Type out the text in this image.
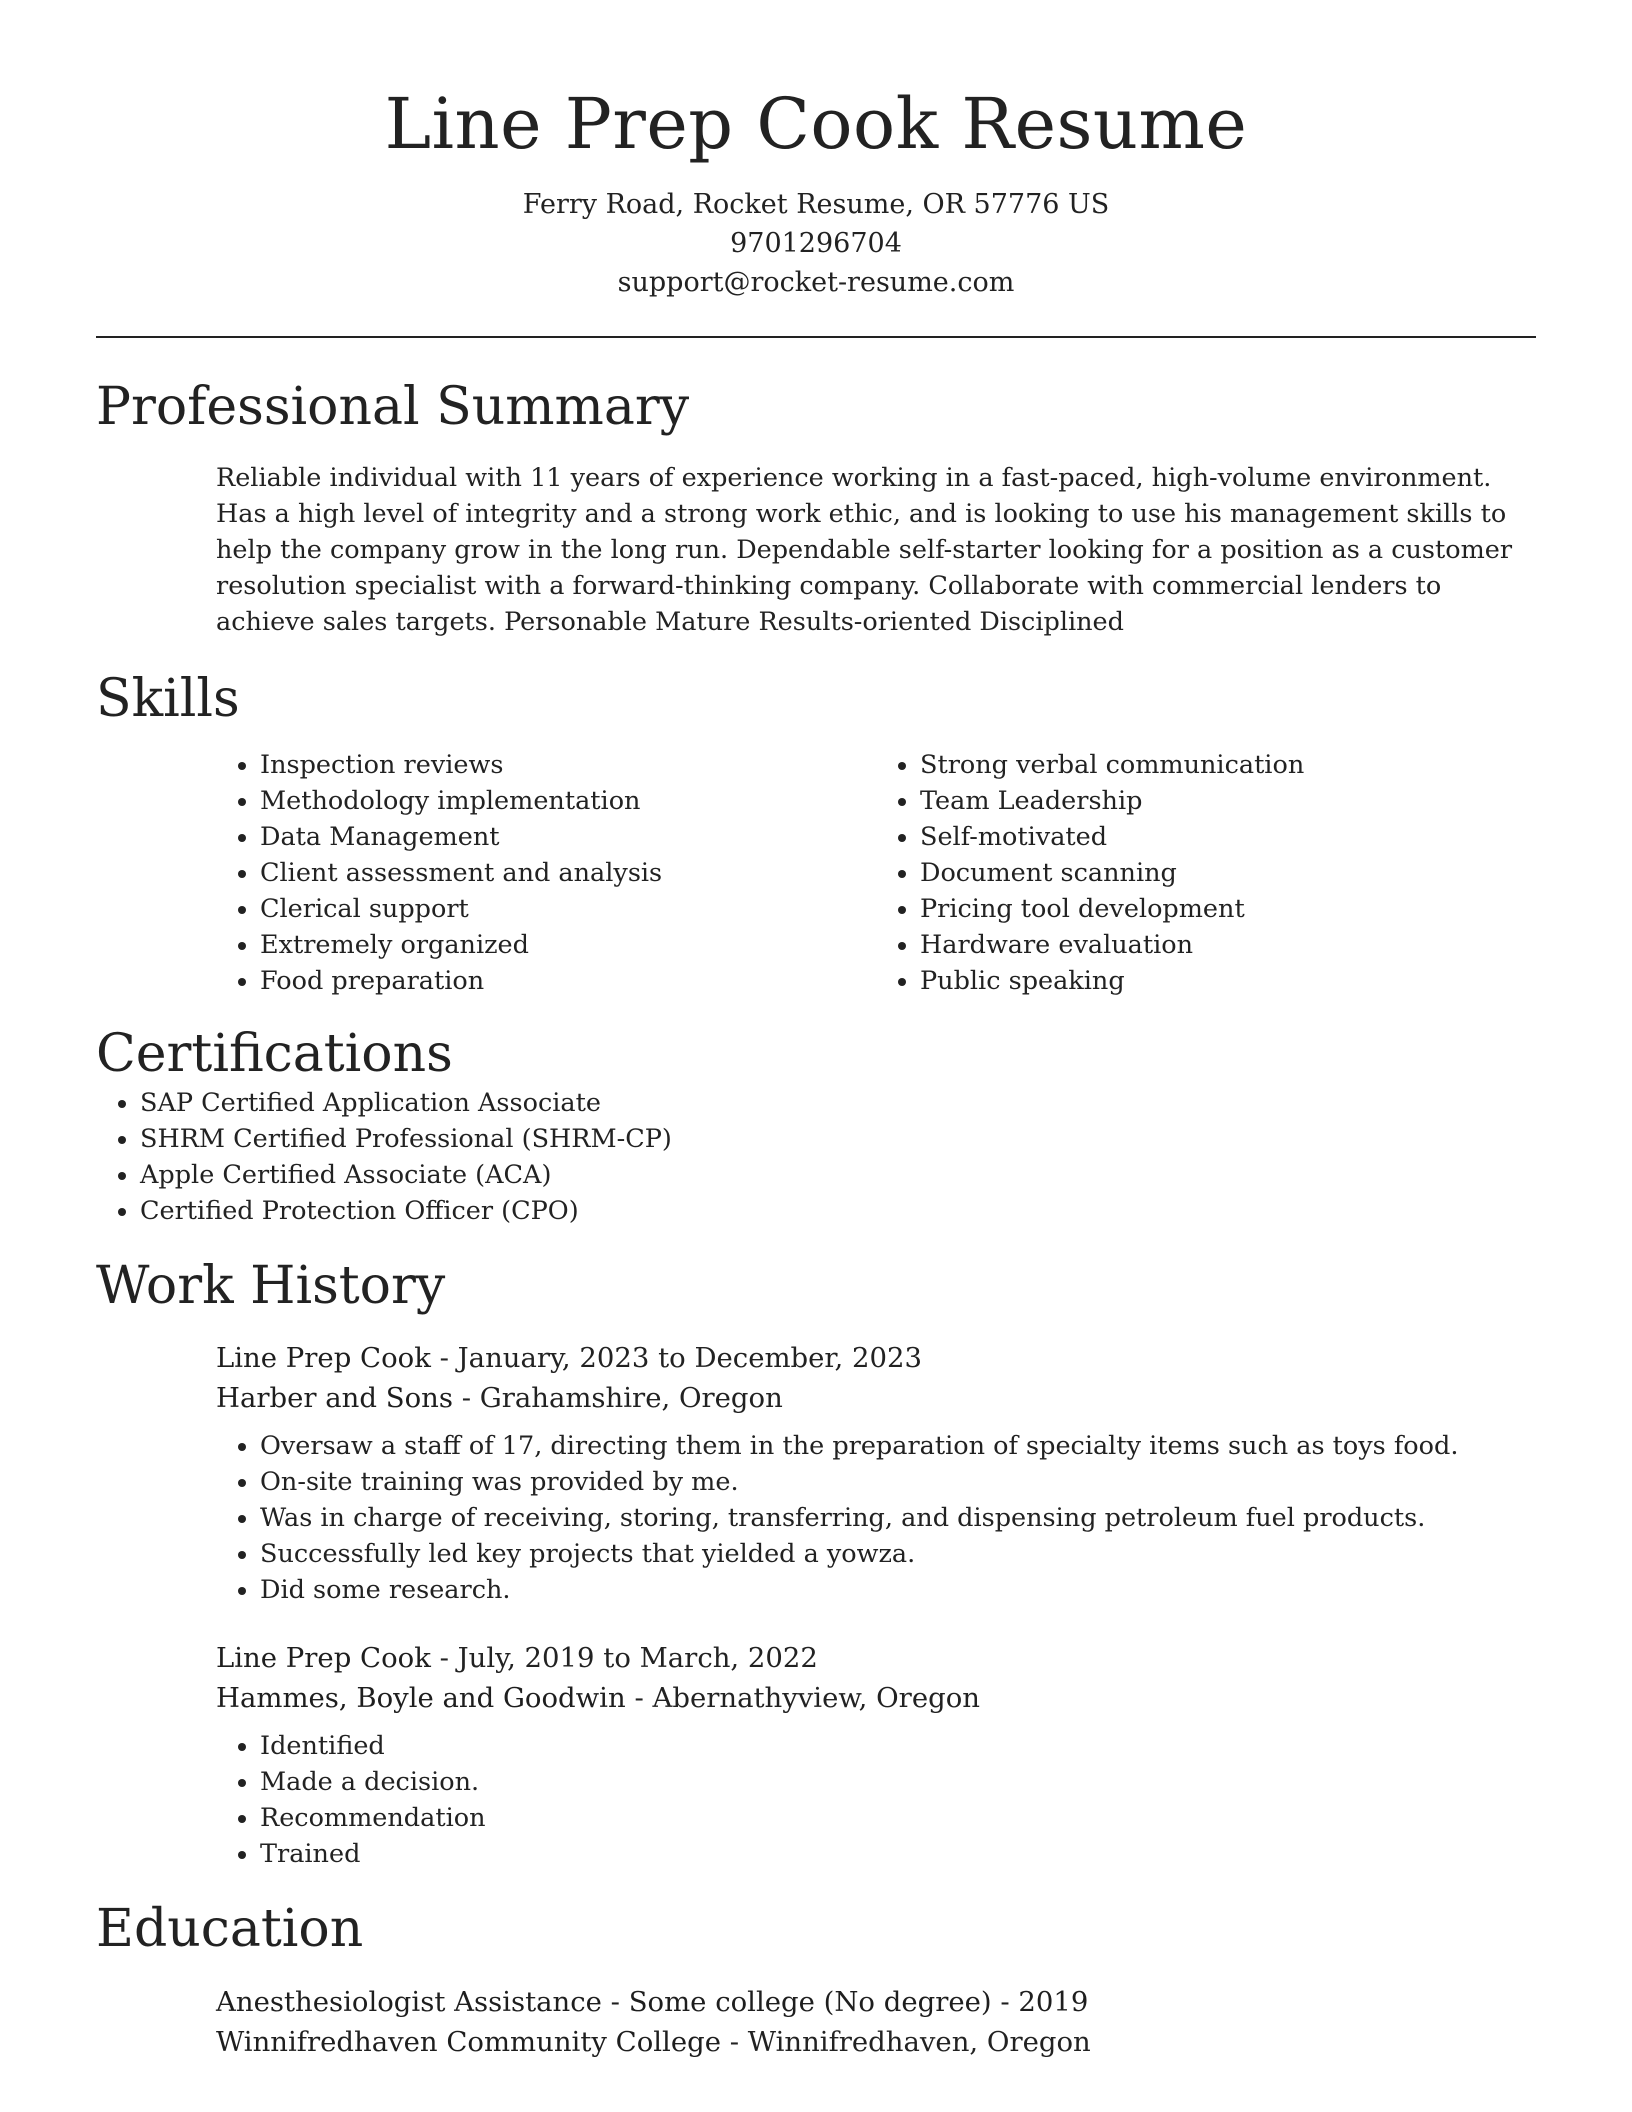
Line Prep Cook Resume
Ferry Road, Rocket Resume, OR 57776 US
9701296704
support@rocket-resume.com
Professional Summary

Reliable individual with 11 years of experience working in a fast-paced, high-volume environment. Has a high level of integrity and a strong work ethic, and is looking to use his management skills to help the company grow in the long run. Dependable self-starter looking for a position as a customer resolution specialist with a forward-thinking company. Collaborate with commercial lenders to achieve sales targets. Personable Mature Results-oriented Disciplined

Skills
• Inspection reviews
• Methodology implementation
• Data Management
• Client assessment and analysis
• Clerical support
• Extremely organized
• Food preparation
• Strong verbal communication
• Team Leadership
• Self-motivated
• Document scanning
• Pricing tool development
• Hardware evaluation
• Public speaking
Certifications
• SAP Certified Application Associate
• SHRM Certified Professional (SHRM-CP)
• Apple Certified Associate (ACA)
• Certified Protection Officer (CPO)
Work History
Line Prep Cook - January, 2023 to December, 2023
Harber and Sons - Grahamshire, Oregon
• Oversaw a staff of 17, directing them in the preparation of specialty items such as toys food.
• On-site training was provided by me.
• Was in charge of receiving, storing, transferring, and dispensing petroleum fuel products.
• Successfully led key projects that yielded a yowza.
• Did some research.
Line Prep Cook - July, 2019 to March, 2022
Hammes, Boyle and Goodwin - Abernathyview, Oregon
• Identified
• Made a decision.
• Recommendation
• Trained
Education
Anesthesiologist Assistance - Some college (No degree) - 2019
Winnifredhaven Community College - Winnifredhaven, Oregon
